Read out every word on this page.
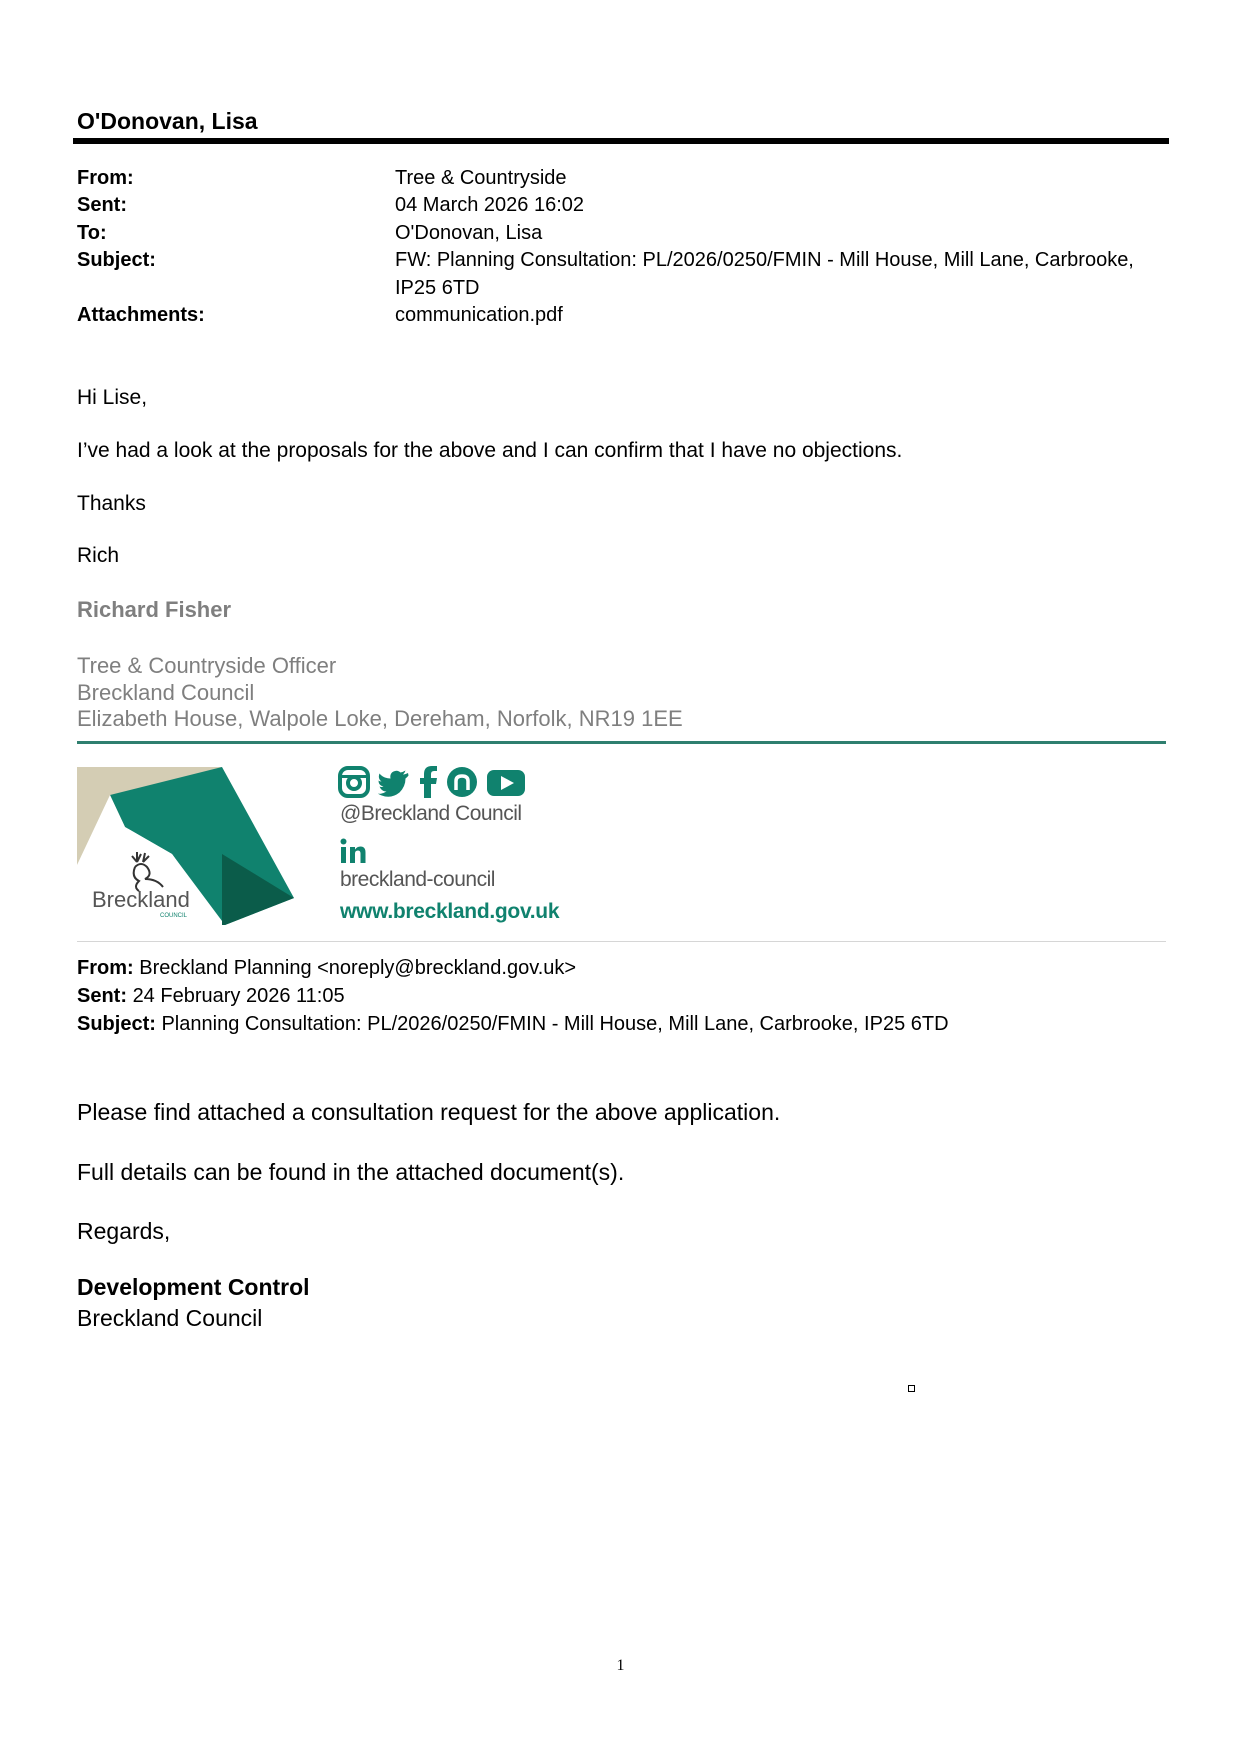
O'Donovan, Lisa
From:	Tree & Countryside
Sent:	04 March 2026 16:02
To:	O'Donovan, Lisa
Subject:	FW: Planning Consultation: PL/2026/0250/FMIN - Mill House, Mill Lane, Carbrooke,
IP25 6TD
Attachments:	communication.pdf
Hi Lise,
I’ve had a look at the proposals for the above and I can confirm that I have no objections.
Thanks
Rich
Richard Fisher
Tree & Countryside Officer
Breckland Council
Elizabeth House, Walpole Loke, Dereham, Norfolk, NR19 1EE
Breckland
COUNCIL
@Breckland Council
breckland-council
www.breckland.gov.uk
From: Breckland Planning <noreply@breckland.gov.uk>
Sent: 24 February 2026 11:05
Subject: Planning Consultation: PL/2026/0250/FMIN - Mill House, Mill Lane, Carbrooke, IP25 6TD
Please find attached a consultation request for the above application.
Full details can be found in the attached document(s).
Regards,
Development Control
Breckland Council
1
